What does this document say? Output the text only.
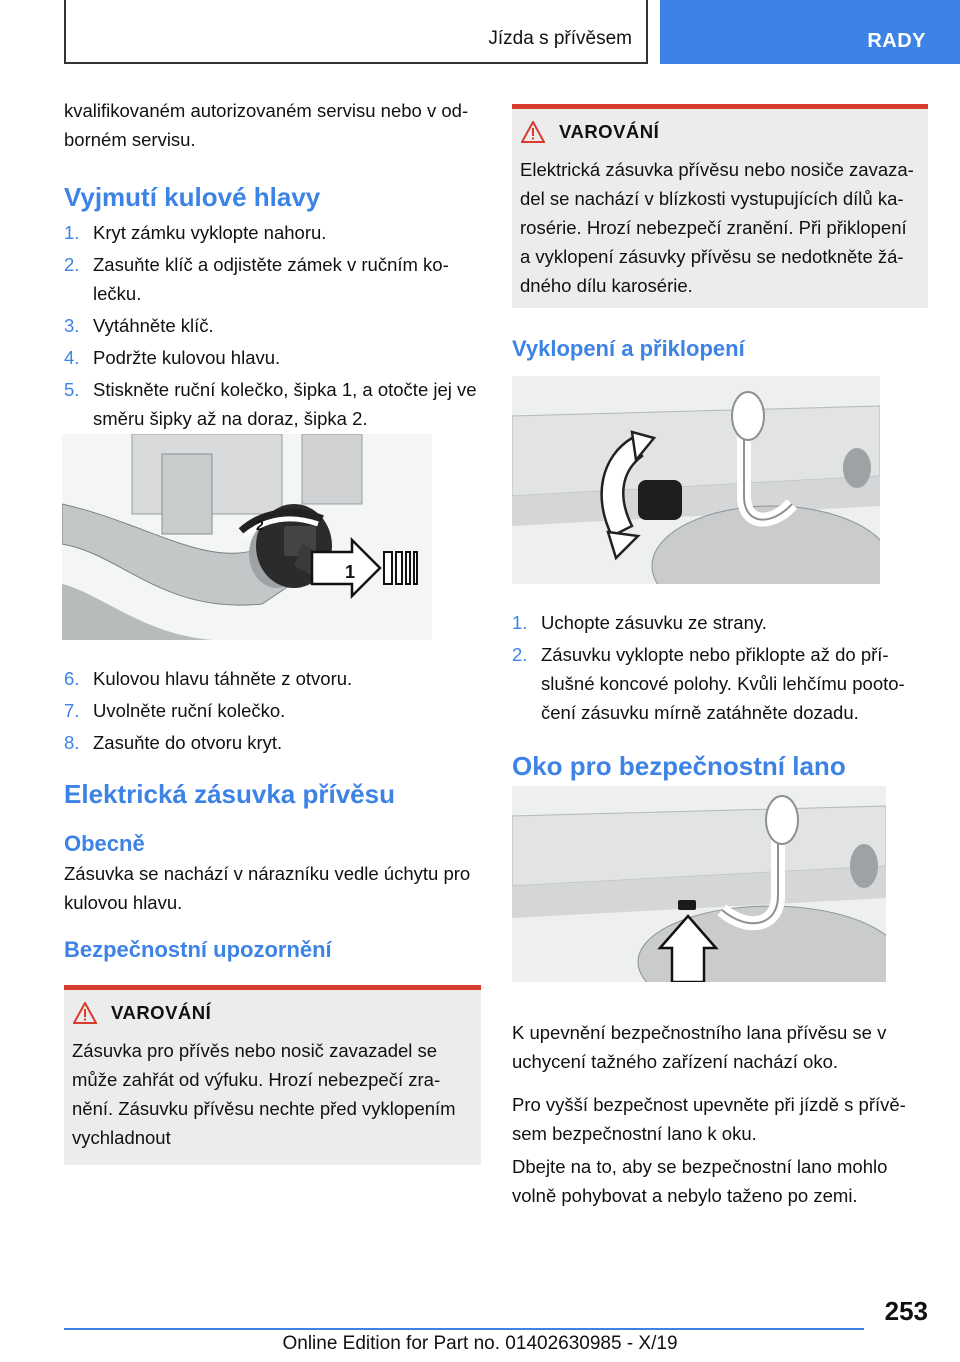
Jízda s přívěsem	RADY

kvalifikovaném autorizovaném servisu nebo v odborném servisu.

Vyjmutí kulové hlavy
1. Kryt zámku vyklopte nahoru.
2. Zasuňte klíč a odjistěte zámek v ručním kolečku.
3. Vytáhněte klíč.
4. Podržte kulovou hlavu.
5. Stiskněte ruční kolečko, šipka 1, a otočte jej ve směru šipky až na doraz, šipka 2.
1
2
6. Kulovou hlavu táhněte z otvoru.
7. Uvolněte ruční kolečko.
8. Zasuňte do otvoru kryt.
Elektrická zásuvka přívěsu
Obecně

Zásuvka se nachází v nárazníku vedle úchytu pro kulovou hlavu.

Bezpečnostní upozornění
VAROVÁNÍ

Zásuvka pro přívěs nebo nosič zavazadel se může zahřát od výfuku. Hrozí nebezpečí zranění. Zásuvku přívěsu nechte před vyklopením vychladnout

VAROVÁNÍ

Elektrická zásuvka přívěsu nebo nosiče zavazadel se nachází v blízkosti vystupujících dílů karosérie. Hrozí nebezpečí zranění. Při přiklopení a vyklopení zásuvky přívěsu se nedotkněte žádného dílu karosérie.

Vyklopení a přiklopení
1. Uchopte zásuvku ze strany.
2. Zásuvku vyklopte nebo přiklopte až do příslušné koncové polohy. Kvůli lehčímu pootočení zásuvku mírně zatáhněte dozadu.
Oko pro bezpečnostní lano

K upevnění bezpečnostního lana přívěsu se v uchycení tažného zařízení nachází oko.

Pro vyšší bezpečnost upevněte při jízdě s přívěsem bezpečnostní lano k oku.

Dbejte na to, aby se bezpečnostní lano mohlo volně pohybovat a nebylo taženo po zemi.

253
Online Edition for Part no. 01402630985 - X/19
